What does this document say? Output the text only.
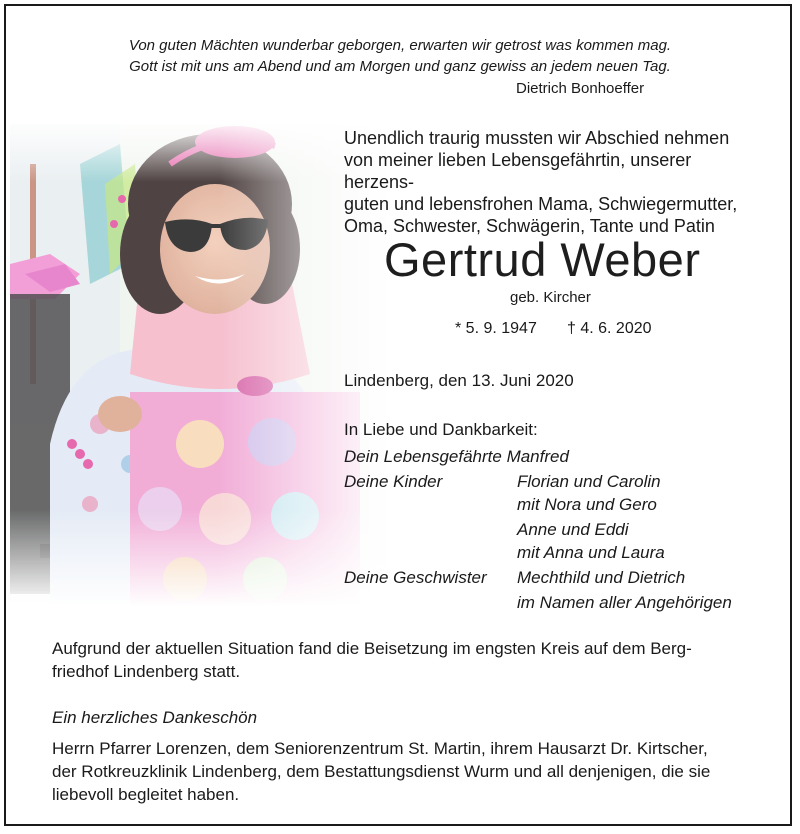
Von guten Mächten wunderbar geborgen, erwarten wir getrost was kommen mag.

Gott ist mit uns am Abend und am Morgen und ganz gewiss an jedem neuen Tag.

Dietrich Bonhoeffer

Unendlich traurig mussten wir Abschied nehmen
von meiner lieben Lebensgefährtin, unserer herzens-
guten und lebensfrohen Mama, Schwiegermutter,
Oma, Schwester, Schwägerin, Tante und Patin

Gertrud Weber

geb. Kircher

* 5. 9. 1947 † 4. 6. 2020

Lindenberg, den 13. Juni 2020

In Liebe und Dankbarkeit:

Dein Lebensgefährte Manfred

Deine Kinder	Florian und Carolin

mit Nora und Gero

Anne und Eddi

mit Anna und Laura

Deine Geschwister Mechthild und Dietrich

im Namen aller Angehörigen

Aufgrund der aktuellen Situation fand die Beisetzung im engsten Kreis auf dem Berg-
friedhof Lindenberg statt.

Ein herzliches Dankeschön

Herrn Pfarrer Lorenzen, dem Seniorenzentrum St. Martin, ihrem Hausarzt Dr. Kirtscher,
der Rotkreuzklinik Lindenberg, dem Bestattungsdienst Wurm und all denjenigen, die sie
liebevoll begleitet haben.
